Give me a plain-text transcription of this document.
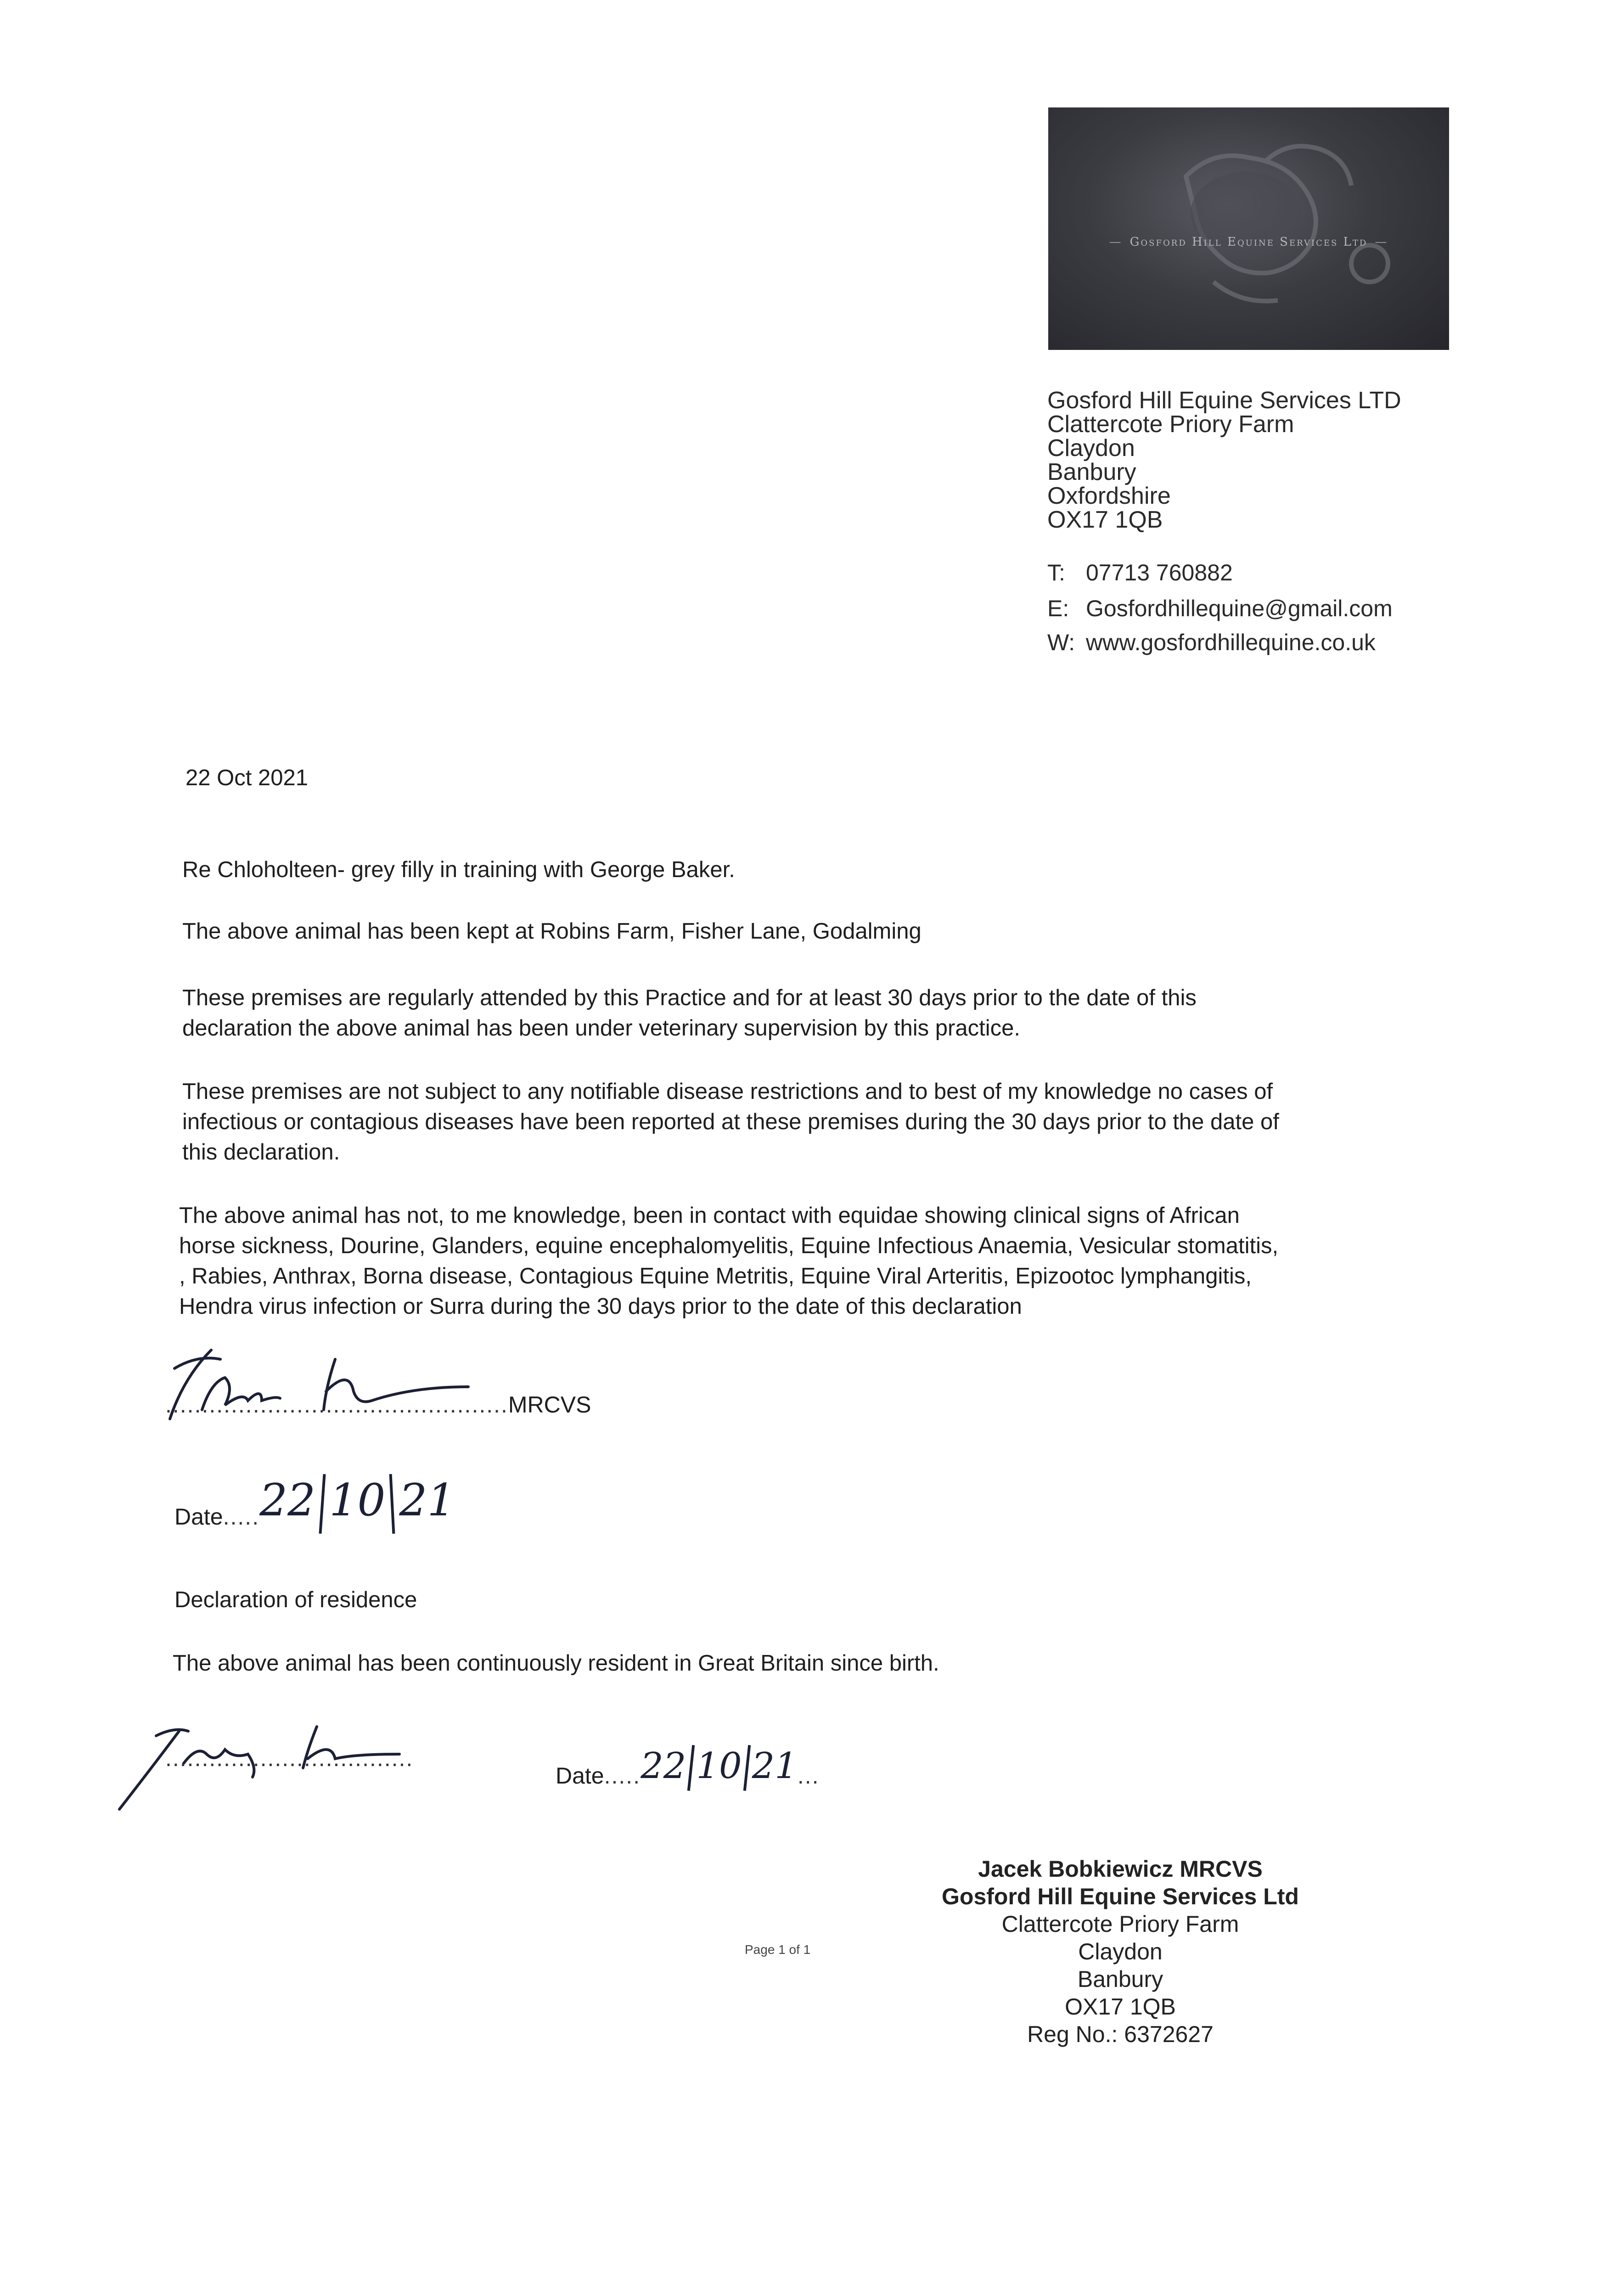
— Gosford Hill Equine Services Ltd —
Gosford Hill Equine Services LTD
Clattercote Priory Farm
Claydon
Banbury
Oxfordshire
OX17 1QB
T: 07713 760882
E: Gosfordhillequine@gmail.com
W: www.gosfordhillequine.co.uk
22 Oct 2021
Re Chloholteen- grey filly in training with George Baker.
The above animal has been kept at Robins Farm, Fisher Lane, Godalming
These premises are regularly attended by this Practice and for at least 30 days prior to the date of this
declaration the above animal has been under veterinary supervision by this practice.
These premises are not subject to any notifiable disease restrictions and to best of my knowledge no cases of
infectious or contagious diseases have been reported at these premises during the 30 days prior to the date of
this declaration.
The above animal has not, to me knowledge, been in contact with equidae showing clinical signs of African
horse sickness, Dourine, Glanders, equine encephalomyelitis, Equine Infectious Anaemia, Vesicular stomatitis,
, Rabies, Anthrax, Borna disease, Contagious Equine Metritis, Equine Viral Arteritis, Epizootoc lymphangitis,
Hendra virus infection or Surra during the 30 days prior to the date of this declaration
...............................................MRCVS
Date.....22 10 21
Declaration of residence
The above animal has been continuously resident in Great Britain since birth.
..................................
Date.....22 10 21...
Page 1 of 1
Jacek Bobkiewicz MRCVS
Gosford Hill Equine Services Ltd
Clattercote Priory Farm
Claydon
Banbury
OX17 1QB
Reg No.: 6372627
